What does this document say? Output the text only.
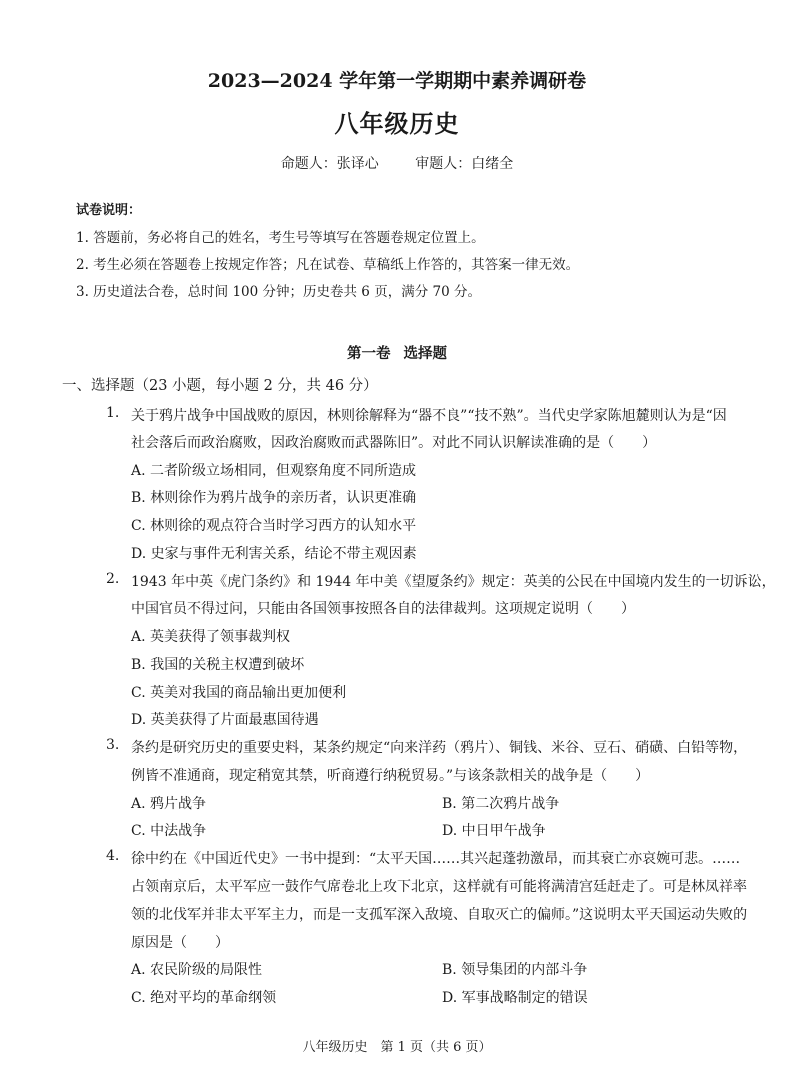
2023—2024 学年第一学期期中素养调研卷
八年级历史
命题人：张译心	审题人：白绪全
试卷说明：
1. 答题前，务必将自己的姓名，考生号等填写在答题卷规定位置上。
2. 考生必须在答题卷上按规定作答；凡在试卷、草稿纸上作答的，其答案一律无效。
3. 历史道法合卷，总时间 100 分钟；历史卷共 6 页，满分 70 分。
第一卷 选择题
一、选择题（23 小题，每小题 2 分，共 46 分）
1. 关于鸦片战争中国战败的原因，林则徐解释为“器不良”“技不熟”。当代史学家陈旭麓则认为是“因
社会落后而政治腐败，因政治腐败而武器陈旧”。对此不同认识解读准确的是（　　）
A. 二者阶级立场相同，但观察角度不同所造成
B. 林则徐作为鸦片战争的亲历者，认识更准确
C. 林则徐的观点符合当时学习西方的认知水平
D. 史家与事件无利害关系，结论不带主观因素
2. 1943 年中英《虎门条约》和 1944 年中美《望厦条约》规定：英美的公民在中国境内发生的一切诉讼，
中国官员不得过问，只能由各国领事按照各自的法律裁判。这项规定说明（　　）
A. 英美获得了领事裁判权
B. 我国的关税主权遭到破坏
C. 英美对我国的商品输出更加便利
D. 英美获得了片面最惠国待遇
3. 条约是研究历史的重要史料，某条约规定“向来洋药（鸦片）、铜钱、米谷、豆石、硝磺、白铅等物，
例皆不准通商，现定稍宽其禁，听商遵行纳税贸易。”与该条款相关的战争是（　　）
A. 鸦片战争	B. 第二次鸦片战争
C. 中法战争	D. 中日甲午战争
4. 徐中约在《中国近代史》一书中提到：“太平天国……其兴起蓬勃激昂，而其衰亡亦哀婉可悲。……
占领南京后，太平军应一鼓作气席卷北上攻下北京，这样就有可能将满清宫廷赶走了。可是林凤祥率
领的北伐军并非太平军主力，而是一支孤军深入敌境、自取灭亡的偏师。”这说明太平天国运动失败的
原因是（　　）
A. 农民阶级的局限性	B. 领导集团的内部斗争
C. 绝对平均的革命纲领	D. 军事战略制定的错误
八年级历史　第 1 页（共 6 页）
